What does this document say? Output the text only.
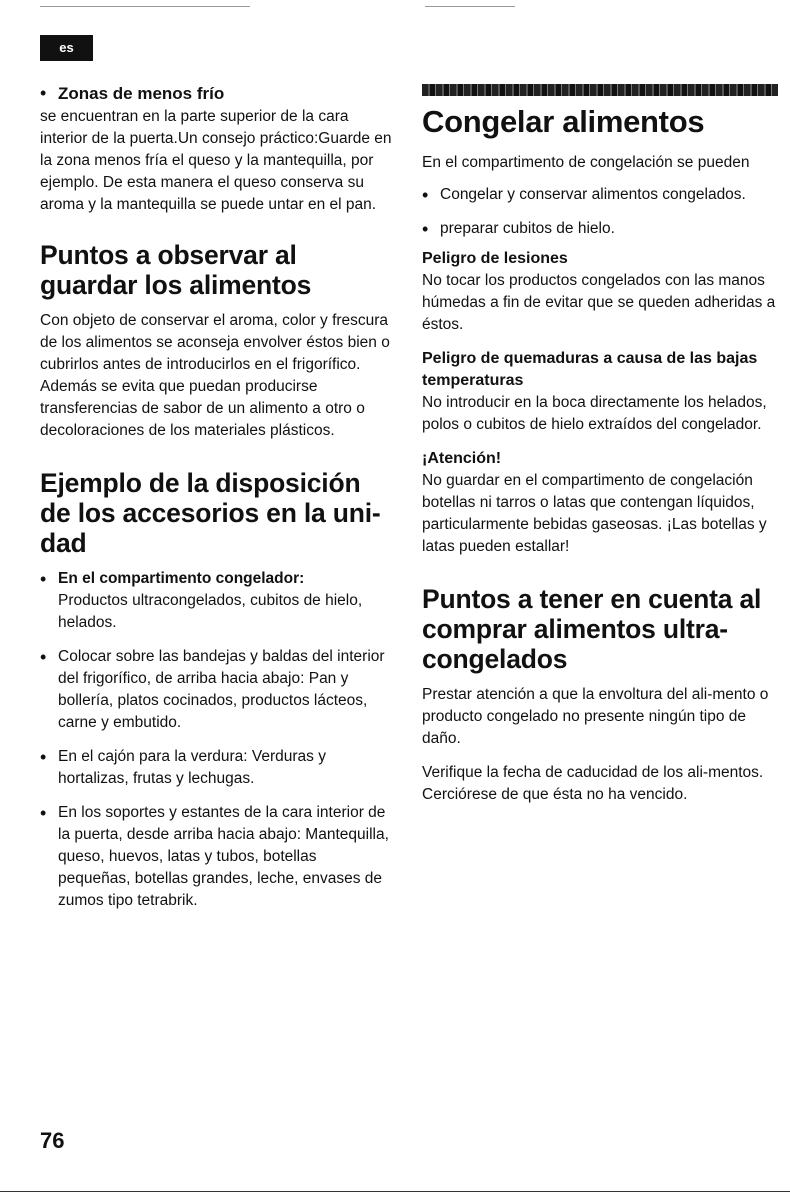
es
• Zonas de menos frío

se encuentran en la parte superior de la cara interior de la puerta.Un consejo práctico:Guarde en la zona menos fría el queso y la mantequilla, por ejemplo. De esta manera el queso conserva su aroma y la mantequilla se puede untar en el pan.

Puntos a observar al guardar los alimentos

Con objeto de conservar el aroma, color y frescura de los alimentos se aconseja envolver éstos bien o cubrirlos antes de introducirlos en el frigorífico. Además se evita que puedan producirse transferencias de sabor de un alimento a otro o decoloraciones de los materiales plásticos.

Ejemplo de la disposición de los accesorios en la uni-dad
• En el compartimento congelador:
Productos ultracongelados, cubitos de hielo, helados.
• Colocar sobre las bandejas y baldas del interior del frigorífico, de arriba hacia abajo: Pan y bollería, platos cocinados, productos lácteos, carne y embutido.
• En el cajón para la verdura: Verduras y hortalizas, frutas y lechugas.
• En los soportes y estantes de la cara interior de la puerta, desde arriba hacia abajo: Mantequilla, queso, huevos, latas y tubos, botellas pequeñas, botellas grandes, leche, envases de zumos tipo tetrabrik.
Congelar alimentos

En el compartimento de congelación se pueden

• Congelar y conservar alimentos congelados.
• preparar cubitos de hielo.

Peligro de lesiones

No tocar los productos congelados con las manos húmedas a fin de evitar que se queden adheridas a éstos.

Peligro de quemaduras a causa de las bajas temperaturas

No introducir en la boca directamente los helados, polos o cubitos de hielo extraídos del congelador.

¡Atención!

No guardar en el compartimento de congelación botellas ni tarros o latas que contengan líquidos, particularmente bebidas gaseosas. ¡Las botellas y latas pueden estallar!

Puntos a tener en cuenta al comprar alimentos ultra-congelados

Prestar atención a que la envoltura del ali-mento o producto congelado no presente ningún tipo de daño.

Verifique la fecha de caducidad de los ali-mentos. Cerciórese de que ésta no ha vencido.

76
